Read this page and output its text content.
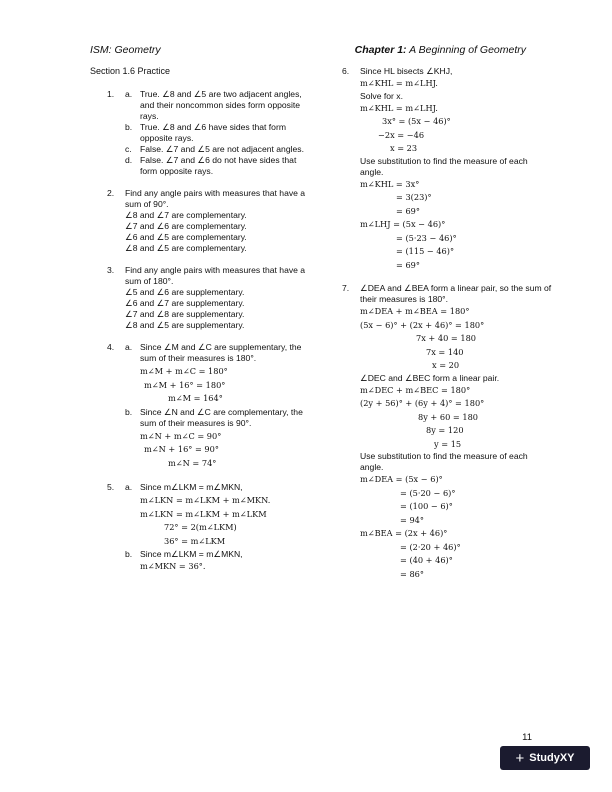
ISM: Geometry	Chapter 1: A Beginning of Geometry
Section 1.6 Practice
1.	a. True. ∠8 and ∠5 are two adjacent angles, and their noncommon sides form opposite rays.
b. True. ∠8 and ∠6 have sides that form opposite rays.
c. False. ∠7 and ∠5 are not adjacent angles.
d. False. ∠7 and ∠6 do not have sides that form opposite rays.
2.	Find any angle pairs with measures that have a sum of 90°.
∠8 and ∠7 are complementary.
∠7 and ∠6 are complementary.
∠6 and ∠5 are complementary.
∠8 and ∠5 are complementary.
3.	Find any angle pairs with measures that have a sum of 180°.
∠5 and ∠6 are supplementary.
∠6 and ∠7 are supplementary.
∠7 and ∠8 are supplementary.
∠8 and ∠5 are supplementary.
4.	a. Since ∠M and ∠C are supplementary, the sum of their measures is 180°.
m∠M + m∠C = 180°
m∠M + 16° = 180°
m∠M = 164°
b. Since ∠N and ∠C are complementary, the sum of their measures is 90°.
m∠N + m∠C = 90°
m∠N + 16° = 90°
m∠N = 74°
5.	a. Since m∠LKM = m∠MKN,
m∠LKN = m∠LKM + m∠MKN.
m∠LKN = m∠LKM + m∠LKM
72° = 2(m∠LKM)
36° = m∠LKM
b. Since m∠LKM = m∠MKN,
m∠MKN = 36°.
6.	Since HL bisects ∠KHJ,
m∠KHL = m∠LHJ.
Solve for x.
m∠KHL = m∠LHJ.
3x° = (5x − 46)°
−2x = −46
x = 23
Use substitution to find the measure of each angle.
m∠KHL = 3x°
= 3(23)°
= 69°
m∠LHJ = (5x − 46)°
= (5·23 − 46)°
= (115 − 46)°
= 69°
7.	∠DEA and ∠BEA form a linear pair, so the sum of their measures is 180°.
m∠DEA + m∠BEA = 180°
(5x − 6)° + (2x + 46)° = 180°
7x + 40 = 180
7x = 140
x = 20
∠DEC and ∠BEC form a linear pair.
m∠DEC + m∠BEC = 180°
(2y + 56)° + (6y + 4)° = 180°
8y + 60 = 180
8y = 120
y = 15
Use substitution to find the measure of each angle.
m∠DEA = (5x − 6)°
= (5·20 − 6)°
= (100 − 6)°
= 94°
m∠BEA = (2x + 46)°
= (2·20 + 46)°
= (40 + 46)°
= 86°
11
+ StudyXY
